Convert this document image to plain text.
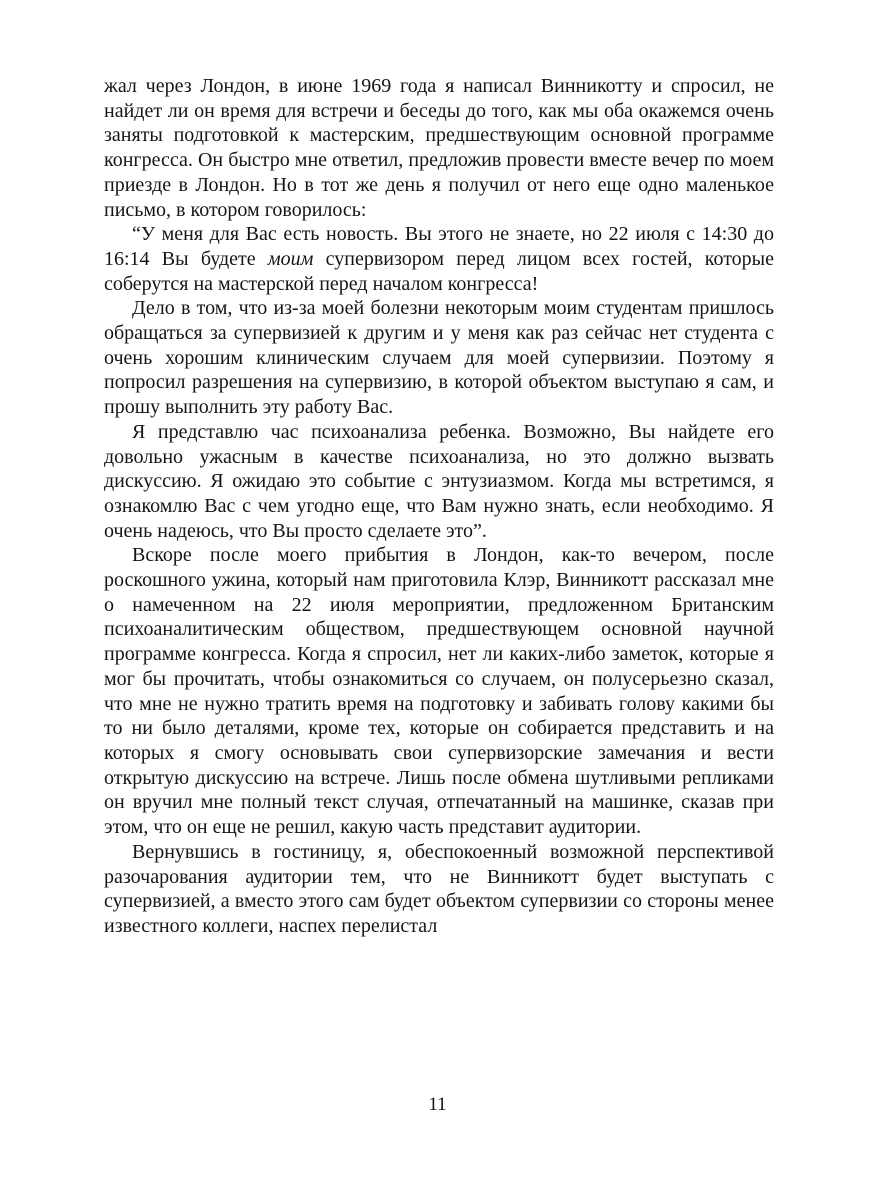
жал через Лондон, в июне 1969 года я написал Винникотту и спросил, не найдет ли он время для встречи и беседы до того, как мы оба окажемся очень заняты подготовкой к мастерским, предшествующим основной программе конгресса. Он быстро мне ответил, предложив провести вместе вечер по моем приезде в Лондон. Но в тот же день я получил от него еще одно маленькое письмо, в котором говорилось:

“У меня для Вас есть новость. Вы этого не знаете, но 22 июля с 14:30 до 16:14 Вы будете моим супервизором перед лицом всех гостей, которые соберутся на мастерской перед началом конгресса!

Дело в том, что из-за моей болезни некоторым моим студентам пришлось обращаться за супервизией к другим и у меня как раз сейчас нет студента с очень хорошим клиническим случаем для моей супервизии. Поэтому я попросил разрешения на супервизию, в которой объектом выступаю я сам, и прошу выполнить эту работу Вас.

Я представлю час психоанализа ребенка. Возможно, Вы найдете его довольно ужасным в качестве психоанализа, но это должно вызвать дискуссию. Я ожидаю это событие с энтузиазмом. Когда мы встретимся, я ознакомлю Вас с чем угодно еще, что Вам нужно знать, если необходимо. Я очень надеюсь, что Вы просто сделаете это”.

Вскоре после моего прибытия в Лондон, как-то вечером, после роскошного ужина, который нам приготовила Клэр, Винникотт рассказал мне о намеченном на 22 июля мероприятии, предложенном Британским психоаналитическим обществом, предшествующем основной научной программе конгресса. Когда я спросил, нет ли каких-либо заметок, которые я мог бы прочитать, чтобы ознакомиться со случаем, он полусерьезно сказал, что мне не нужно тратить время на подготовку и забивать голову какими бы то ни было деталями, кроме тех, которые он собирается представить и на которых я смогу основывать свои супервизорские замечания и вести открытую дискуссию на встрече. Лишь после обмена шутливыми репликами он вручил мне полный текст случая, отпечатанный на машинке, сказав при этом, что он еще не решил, какую часть представит аудитории.

Вернувшись в гостиницу, я, обеспокоенный возможной перспективой разочарования аудитории тем, что не Винникотт будет выступать с супервизией, а вместо этого сам будет объектом супервизии со стороны менее известного коллеги, наспех перелистал

11
